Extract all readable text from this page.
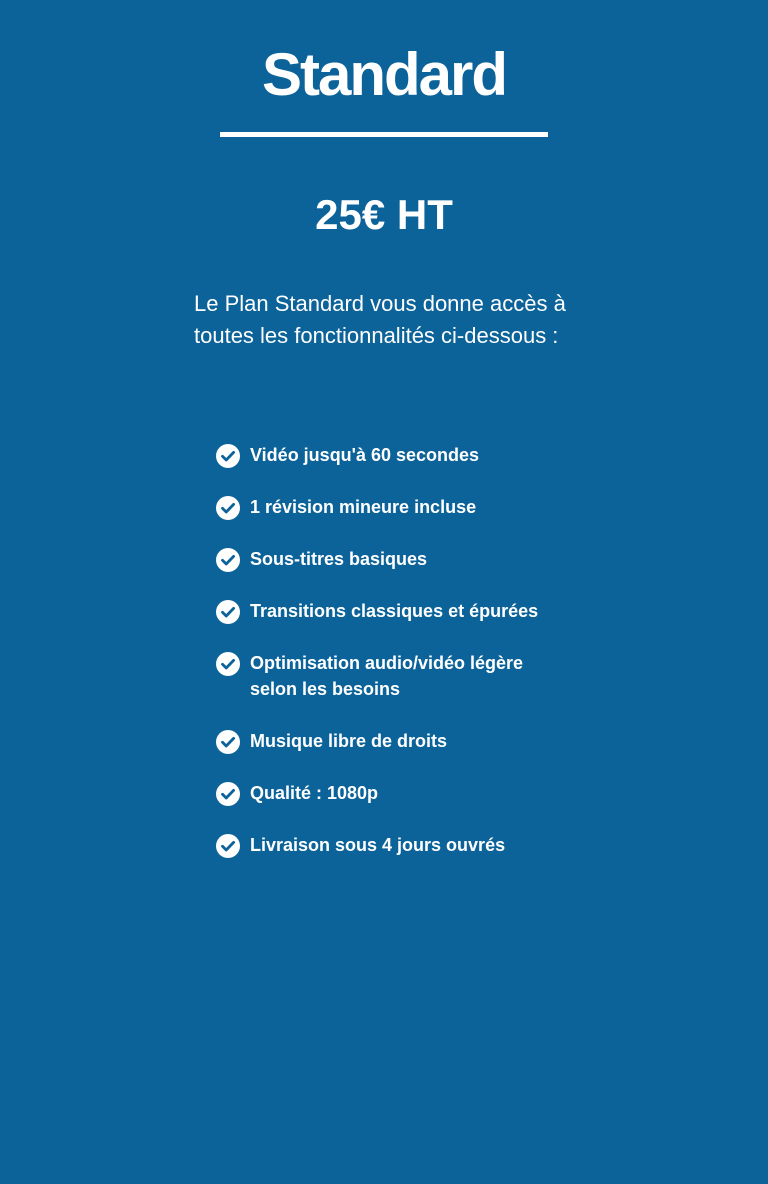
Standard
25€ HT

Le Plan Standard vous donne accès à toutes les fonctionnalités ci-dessous :

Vidéo jusqu'à 60 secondes
1 révision mineure incluse
Sous-titres basiques
Transitions classiques et épurées
Optimisation audio/vidéo légère selon les besoins
Musique libre de droits
Qualité : 1080p
Livraison sous 4 jours ouvrés
